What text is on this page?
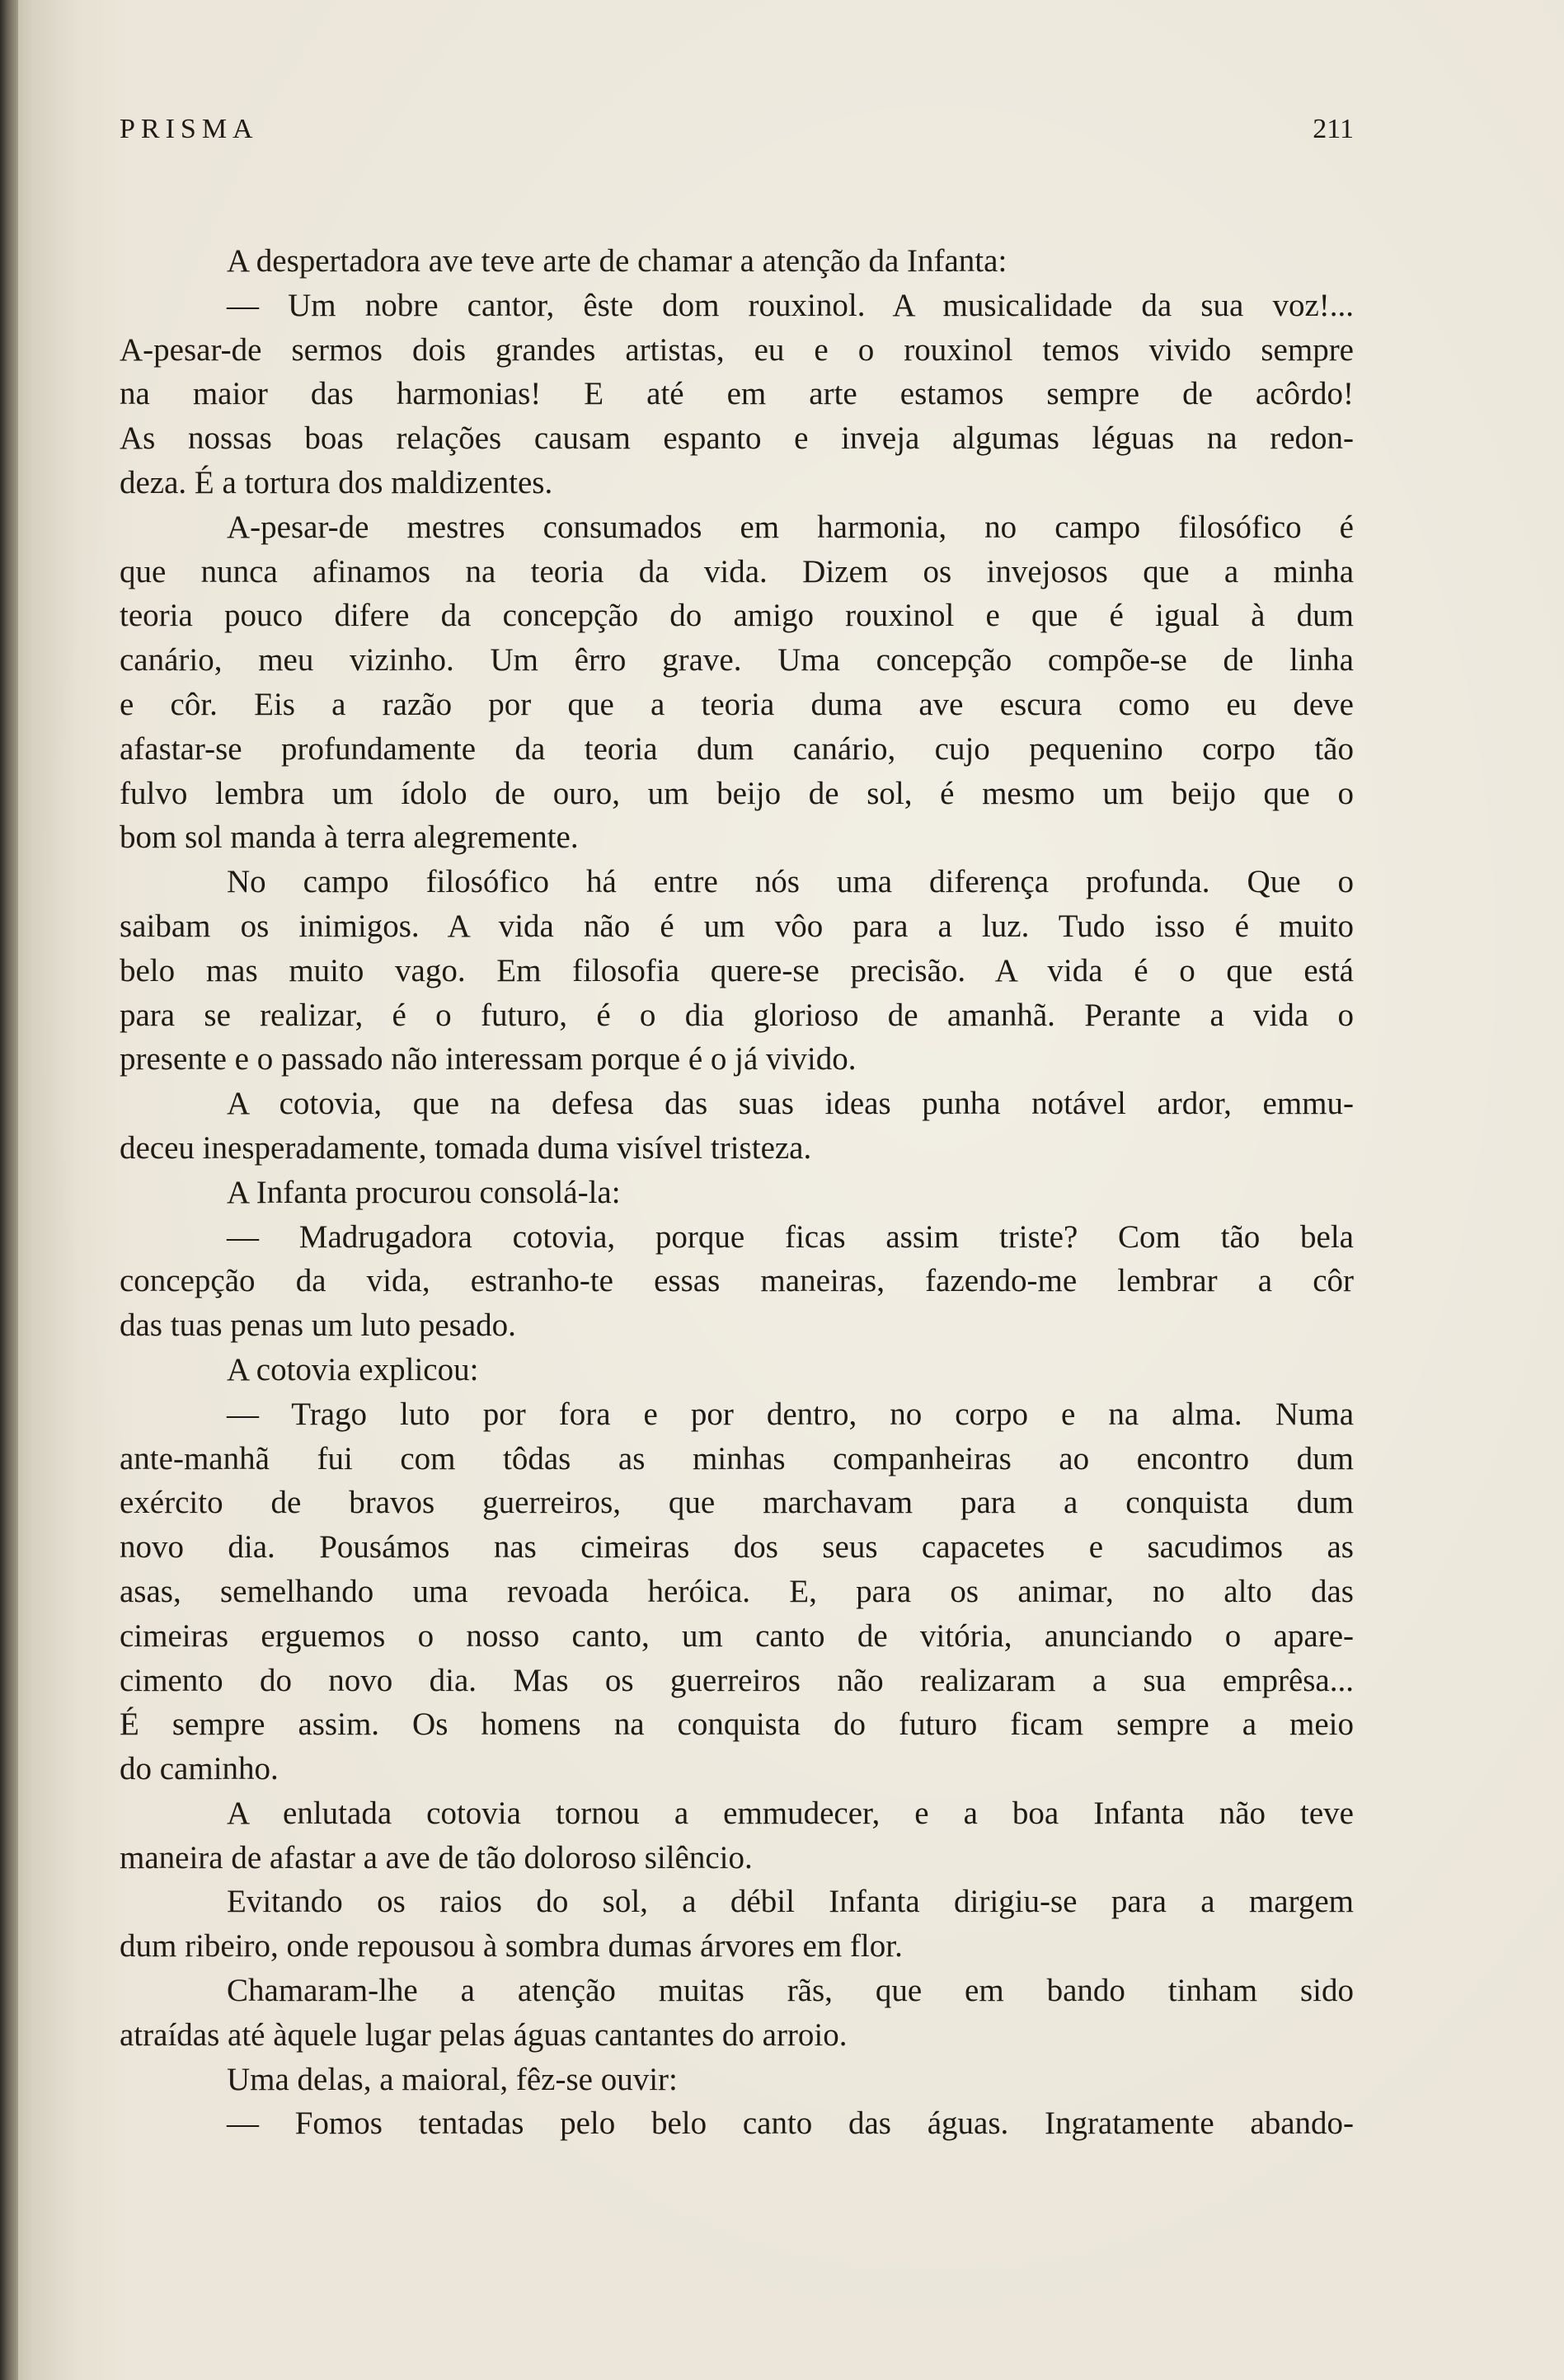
PRISMA	211
A despertadora ave teve arte de chamar a atenção da Infanta:
— Um nobre cantor, êste dom rouxinol. A musicalidade da sua voz!...
A-pesar-de sermos dois grandes artistas, eu e o rouxinol temos vivido sempre
na maior das harmonias! E até em arte estamos sempre de acôrdo!
As nossas boas relações causam espanto e inveja algumas léguas na redon-
deza. É a tortura dos maldizentes.
A-pesar-de mestres consumados em harmonia, no campo filosófico é
que nunca afinamos na teoria da vida. Dizem os invejosos que a minha
teoria pouco difere da concepção do amigo rouxinol e que é igual à dum
canário, meu vizinho. Um êrro grave. Uma concepção compõe-se de linha
e côr. Eis a razão por que a teoria duma ave escura como eu deve
afastar-se profundamente da teoria dum canário, cujo pequenino corpo tão
fulvo lembra um ídolo de ouro, um beijo de sol, é mesmo um beijo que o
bom sol manda à terra alegremente.
No campo filosófico há entre nós uma diferença profunda. Que o
saibam os inimigos. A vida não é um vôo para a luz. Tudo isso é muito
belo mas muito vago. Em filosofia quere-se precisão. A vida é o que está
para se realizar, é o futuro, é o dia glorioso de amanhã. Perante a vida o
presente e o passado não interessam porque é o já vivido.
A cotovia, que na defesa das suas ideas punha notável ardor, emmu-
deceu inesperadamente, tomada duma visível tristeza.
A Infanta procurou consolá-la:
— Madrugadora cotovia, porque ficas assim triste? Com tão bela
concepção da vida, estranho-te essas maneiras, fazendo-me lembrar a côr
das tuas penas um luto pesado.
A cotovia explicou:
— Trago luto por fora e por dentro, no corpo e na alma. Numa
ante-manhã fui com tôdas as minhas companheiras ao encontro dum
exército de bravos guerreiros, que marchavam para a conquista dum
novo dia. Pousámos nas cimeiras dos seus capacetes e sacudimos as
asas, semelhando uma revoada heróica. E, para os animar, no alto das
cimeiras erguemos o nosso canto, um canto de vitória, anunciando o apare-
cimento do novo dia. Mas os guerreiros não realizaram a sua emprêsa...
É sempre assim. Os homens na conquista do futuro ficam sempre a meio
do caminho.
A enlutada cotovia tornou a emmudecer, e a boa Infanta não teve
maneira de afastar a ave de tão doloroso silêncio.
Evitando os raios do sol, a débil Infanta dirigiu-se para a margem
dum ribeiro, onde repousou à sombra dumas árvores em flor.
Chamaram-lhe a atenção muitas rãs, que em bando tinham sido
atraídas até àquele lugar pelas águas cantantes do arroio.
Uma delas, a maioral, fêz-se ouvir:
— Fomos tentadas pelo belo canto das águas. Ingratamente abando-
